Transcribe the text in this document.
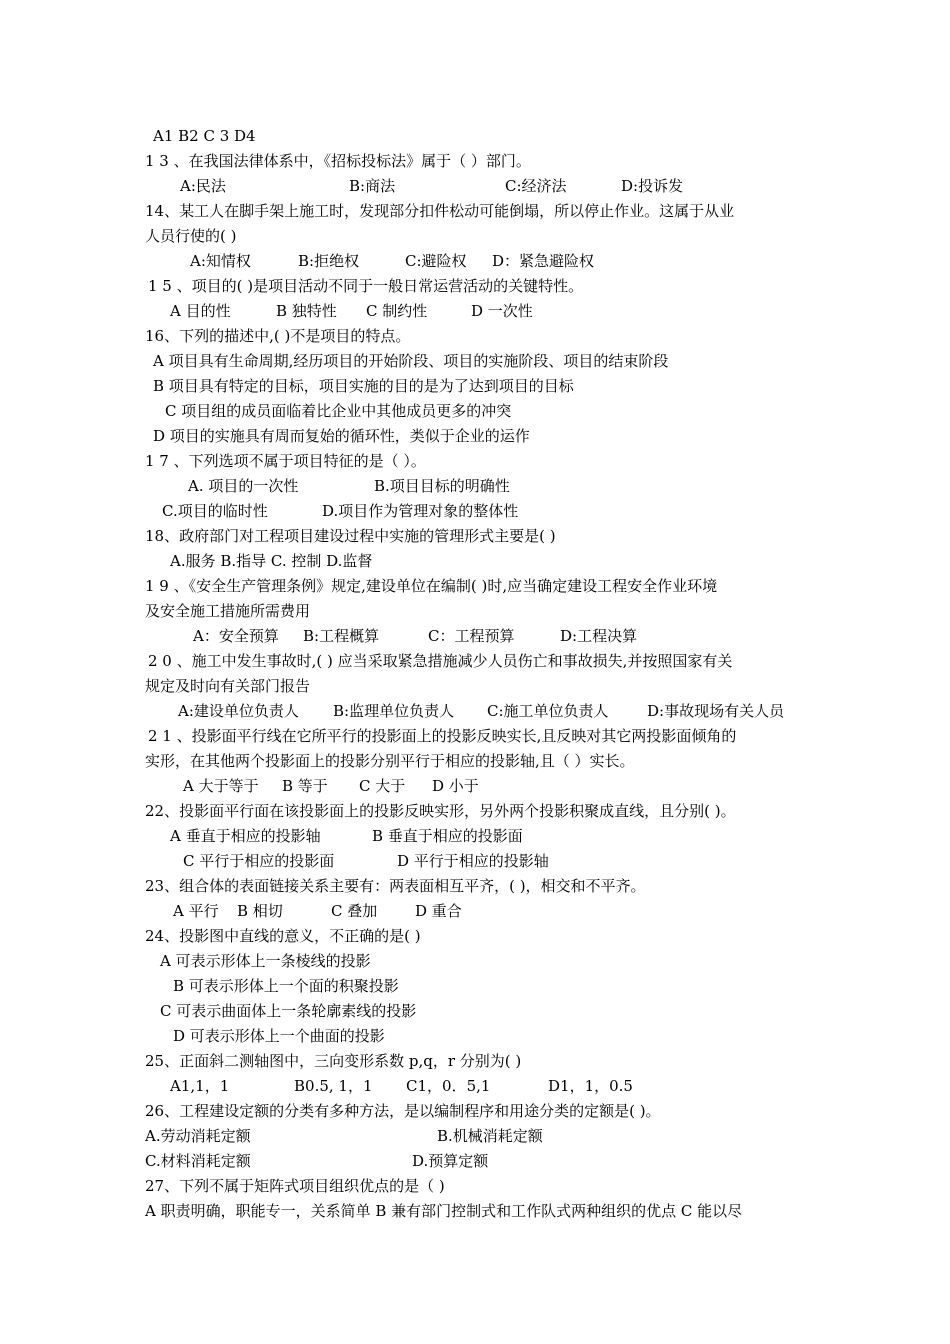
A1 B2 C 3 D4
1 3 、在我国法律体系中，《招标投标法》属于（ ）部门。
A:民法	B:商法	C:经济法	D:投诉发
14、某工人在脚手架上施工时，发现部分扣件松动可能倒塌，所以停止作业。这属于从业
人员行使的( )
A:知情权	B:拒绝权	C:避险权 D：紧急避险权
1 5 、项目的( )是项目活动不同于一般日常运营活动的关键特性。
A 目的性	B 独特性 C 制约性	D 一次性
16、下列的描述中,( )不是项目的特点。
A 项目具有生命周期,经历项目的开始阶段、项目的实施阶段、项目的结束阶段
B 项目具有特定的目标，项目实施的目的是为了达到项目的目标
C 项目组的成员面临着比企业中其他成员更多的冲突
D 项目的实施具有周而复始的循环性，类似于企业的运作
1 7 、下列选项不属于项目特征的是（ ）。
A. 项目的一次性	B.项目目标的明确性
C.项目的临时性	D.项目作为管理对象的整体性
18、政府部门对工程项目建设过程中实施的管理形式主要是( )
A.服务 B.指导 C. 控制 D.监督
1 9 、《安全生产管理条例》规定,建设单位在编制( )时,应当确定建设工程安全作业环境
及安全施工措施所需费用
A：安全预算 B:工程概算	C：工程预算	D:工程决算
2 0 、施工中发生事故时,( ) 应当采取紧急措施减少人员伤亡和事故损失,并按照国家有关
规定及时向有关部门报告
A:建设单位负责人 B:监理单位负责人 C:施工单位负责人	D:事故现场有关人员
2 1 、投影面平行线在它所平行的投影面上的投影反映实长,且反映对其它两投影面倾角的
实形，在其他两个投影面上的投影分别平行于相应的投影轴,且（ ）实长。
A 大于等于 B 等于 C 大于 D 小于
22、投影面平行面在该投影面上的投影反映实形，另外两个投影积聚成直线，且分别( )。
A 垂直于相应的投影轴	B 垂直于相应的投影面
C 平行于相应的投影面	D 平行于相应的投影轴
23、组合体的表面链接关系主要有：两表面相互平齐，( )，相交和不平齐。
A 平行 B 相切	C 叠加	D 重合
24、投影图中直线的意义，不正确的是( )
A 可表示形体上一条棱线的投影
B 可表示形体上一个面的积聚投影
C 可表示曲面体上一条轮廓素线的投影
D 可表示形体上一个曲面的投影
25、正面斜二测轴图中，三向变形系数 p,q，r 分别为( )
A1,1，1	B0.5, 1，1 C1，0．5,1	D1，1，0.5
26、工程建设定额的分类有多种方法，是以编制程序和用途分类的定额是( )。
A.劳动消耗定额	B.机械消耗定额
C.材料消耗定额	D.预算定额
27、下列不属于矩阵式项目组织优点的是（ )
A 职责明确，职能专一，关系简单 B 兼有部门控制式和工作队式两种组织的优点 C 能以尽
